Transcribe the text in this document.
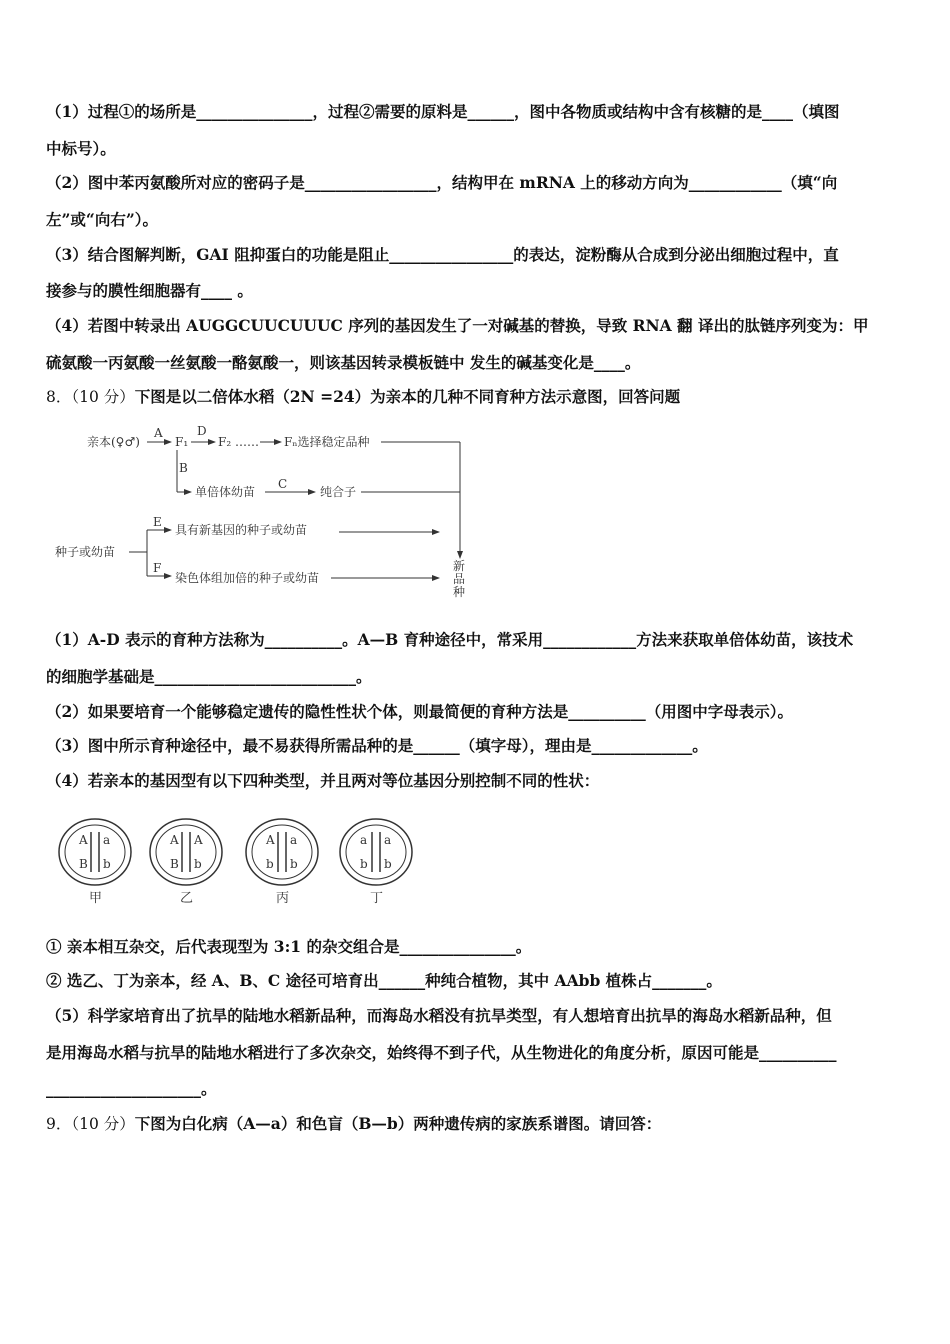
（1）过程①的场所是_______________，过程②需要的原料是______，图中各物质或结构中含有核糖的是____（填图
中标号）。
（2）图中苯丙氨酸所对应的密码子是_________________，结构甲在 mRNA 上的移动方向为____________（填“向
左”或“向右”）。
（3）结合图解判断，GAI 阻抑蛋白的功能是阻止________________的表达，淀粉酶从合成到分泌出细胞过程中，直
接参与的膜性细胞器有____ 。
（4）若图中转录出 AUGGCUUCUUUC 序列的基因发生了一对碱基的替换，导致 RNA 翻 译出的肽链序列变为：甲
硫氨酸一丙氨酸一丝氨酸一酪氨酸一，则该基因转录模板链中 发生的碱基变化是____。
8．（10 分）下图是以二倍体水稻（2N =24）为亲本的几种不同育种方法示意图，回答问题
亲本(♀♂)
A
F₁
D
F₂ …… Fₙ选择稳定品种
B
单倍体幼苗
C
纯合子
种子或幼苗
E
具有新基因的种子或幼苗
F
染色体组加倍的种子或幼苗
新
品
种
（1）A-D 表示的育种方法称为__________。A—B 育种途径中，常采用____________方法来获取单倍体幼苗，该技术
的细胞学基础是__________________________。
（2）如果要培育一个能够稳定遗传的隐性性状个体，则最简便的育种方法是__________（用图中字母表示）。
（3）图中所示育种途径中，最不易获得所需品种的是______（填字母），理由是_____________。
（4）若亲本的基因型有以下四种类型，并且两对等位基因分别控制不同的性状：
A a
B b
甲
A A
B b
乙
A a
b b
丙
a a
b b
丁
① 亲本相互杂交，后代表现型为 3:1 的杂交组合是_______________。
② 选乙、丁为亲本，经 A、B、C 途径可培育出______种纯合植物，其中 AAbb 植株占_______。
（5）科学家培育出了抗旱的陆地水稻新品种，而海岛水稻没有抗旱类型，有人想培育出抗旱的海岛水稻新品种，但
是用海岛水稻与抗旱的陆地水稻进行了多次杂交，始终得不到子代，从生物进化的角度分析，原因可能是__________
____________________。
9．（10 分）下图为白化病（A—a）和色盲（B—b）两种遗传病的家族系谱图。请回答：
